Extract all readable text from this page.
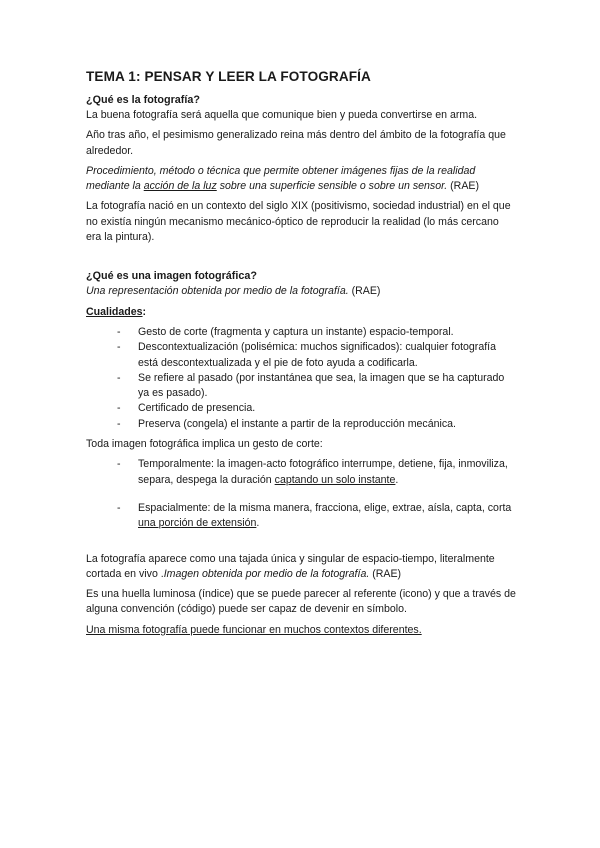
TEMA 1: PENSAR Y LEER LA FOTOGRAFÍA
¿Qué es la fotografía?

La buena fotografía será aquella que comunique bien y pueda convertirse en arma.

Año tras año, el pesimismo generalizado reina más dentro del ámbito de la fotografía que alrededor.

Procedimiento, método o técnica que permite obtener imágenes fijas de la realidad mediante la acción de la luz sobre una superficie sensible o sobre un sensor. (RAE)

La fotografía nació en un contexto del siglo XIX (positivismo, sociedad industrial) en el que no existía ningún mecanismo mecánico-óptico de reproducir la realidad (lo más cercano era la pintura).

¿Qué es una imagen fotográfica?

Una representación obtenida por medio de la fotografía. (RAE)

Cualidades:

- Gesto de corte (fragmenta y captura un instante) espacio-temporal.
- Descontextualización (polisémica: muchos significados): cualquier fotografía está descontextualizada y el pie de foto ayuda a codificarla.
- Se refiere al pasado (por instantánea que sea, la imagen que se ha capturado ya es pasado).
- Certificado de presencia.
- Preserva (congela) el instante a partir de la reproducción mecánica.

Toda imagen fotográfica implica un gesto de corte:

- Temporalmente: la imagen-acto fotográfico interrumpe, detiene, fija, inmoviliza, separa, despega la duración captando un solo instante.
- Espacialmente: de la misma manera, fracciona, elige, extrae, aísla, capta, corta una porción de extensión.

La fotografía aparece como una tajada única y singular de espacio-tiempo, literalmente cortada en vivo .Imagen obtenida por medio de la fotografía. (RAE)

Es una huella luminosa (índice) que se puede parecer al referente (icono) y que a través de alguna convención (código) puede ser capaz de devenir en símbolo.

Una misma fotografía puede funcionar en muchos contextos diferentes.
